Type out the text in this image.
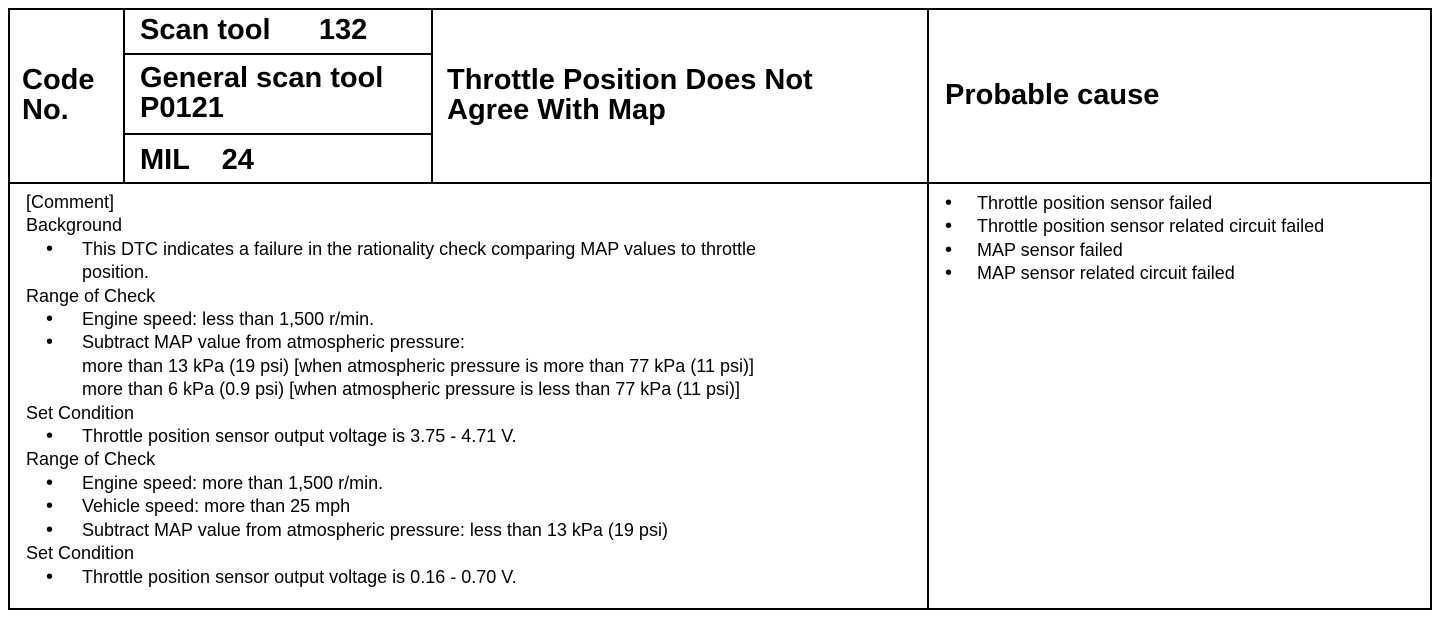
Code
No.
Scan tool      132
General scan tool
P0121
MIL    24
Throttle Position Does Not
Agree With Map	Probable cause
[Comment]
Background
• This DTC indicates a failure in the rationality check comparing MAP values to throttle
position.
Range of Check
• Engine speed: less than 1,500 r/min.
• Subtract MAP value from atmospheric pressure:
more than 13 kPa (19 psi) [when atmospheric pressure is more than 77 kPa (11 psi)]
more than 6 kPa (0.9 psi) [when atmospheric pressure is less than 77 kPa (11 psi)]
Set Condition
• Throttle position sensor output voltage is 3.75 - 4.71 V.
Range of Check
• Engine speed: more than 1,500 r/min.
• Vehicle speed: more than 25 mph
• Subtract MAP value from atmospheric pressure: less than 13 kPa (19 psi)
Set Condition
• Throttle position sensor output voltage is 0.16 - 0.70 V.
• Throttle position sensor failed
• Throttle position sensor related circuit failed
• MAP sensor failed
• MAP sensor related circuit failed
